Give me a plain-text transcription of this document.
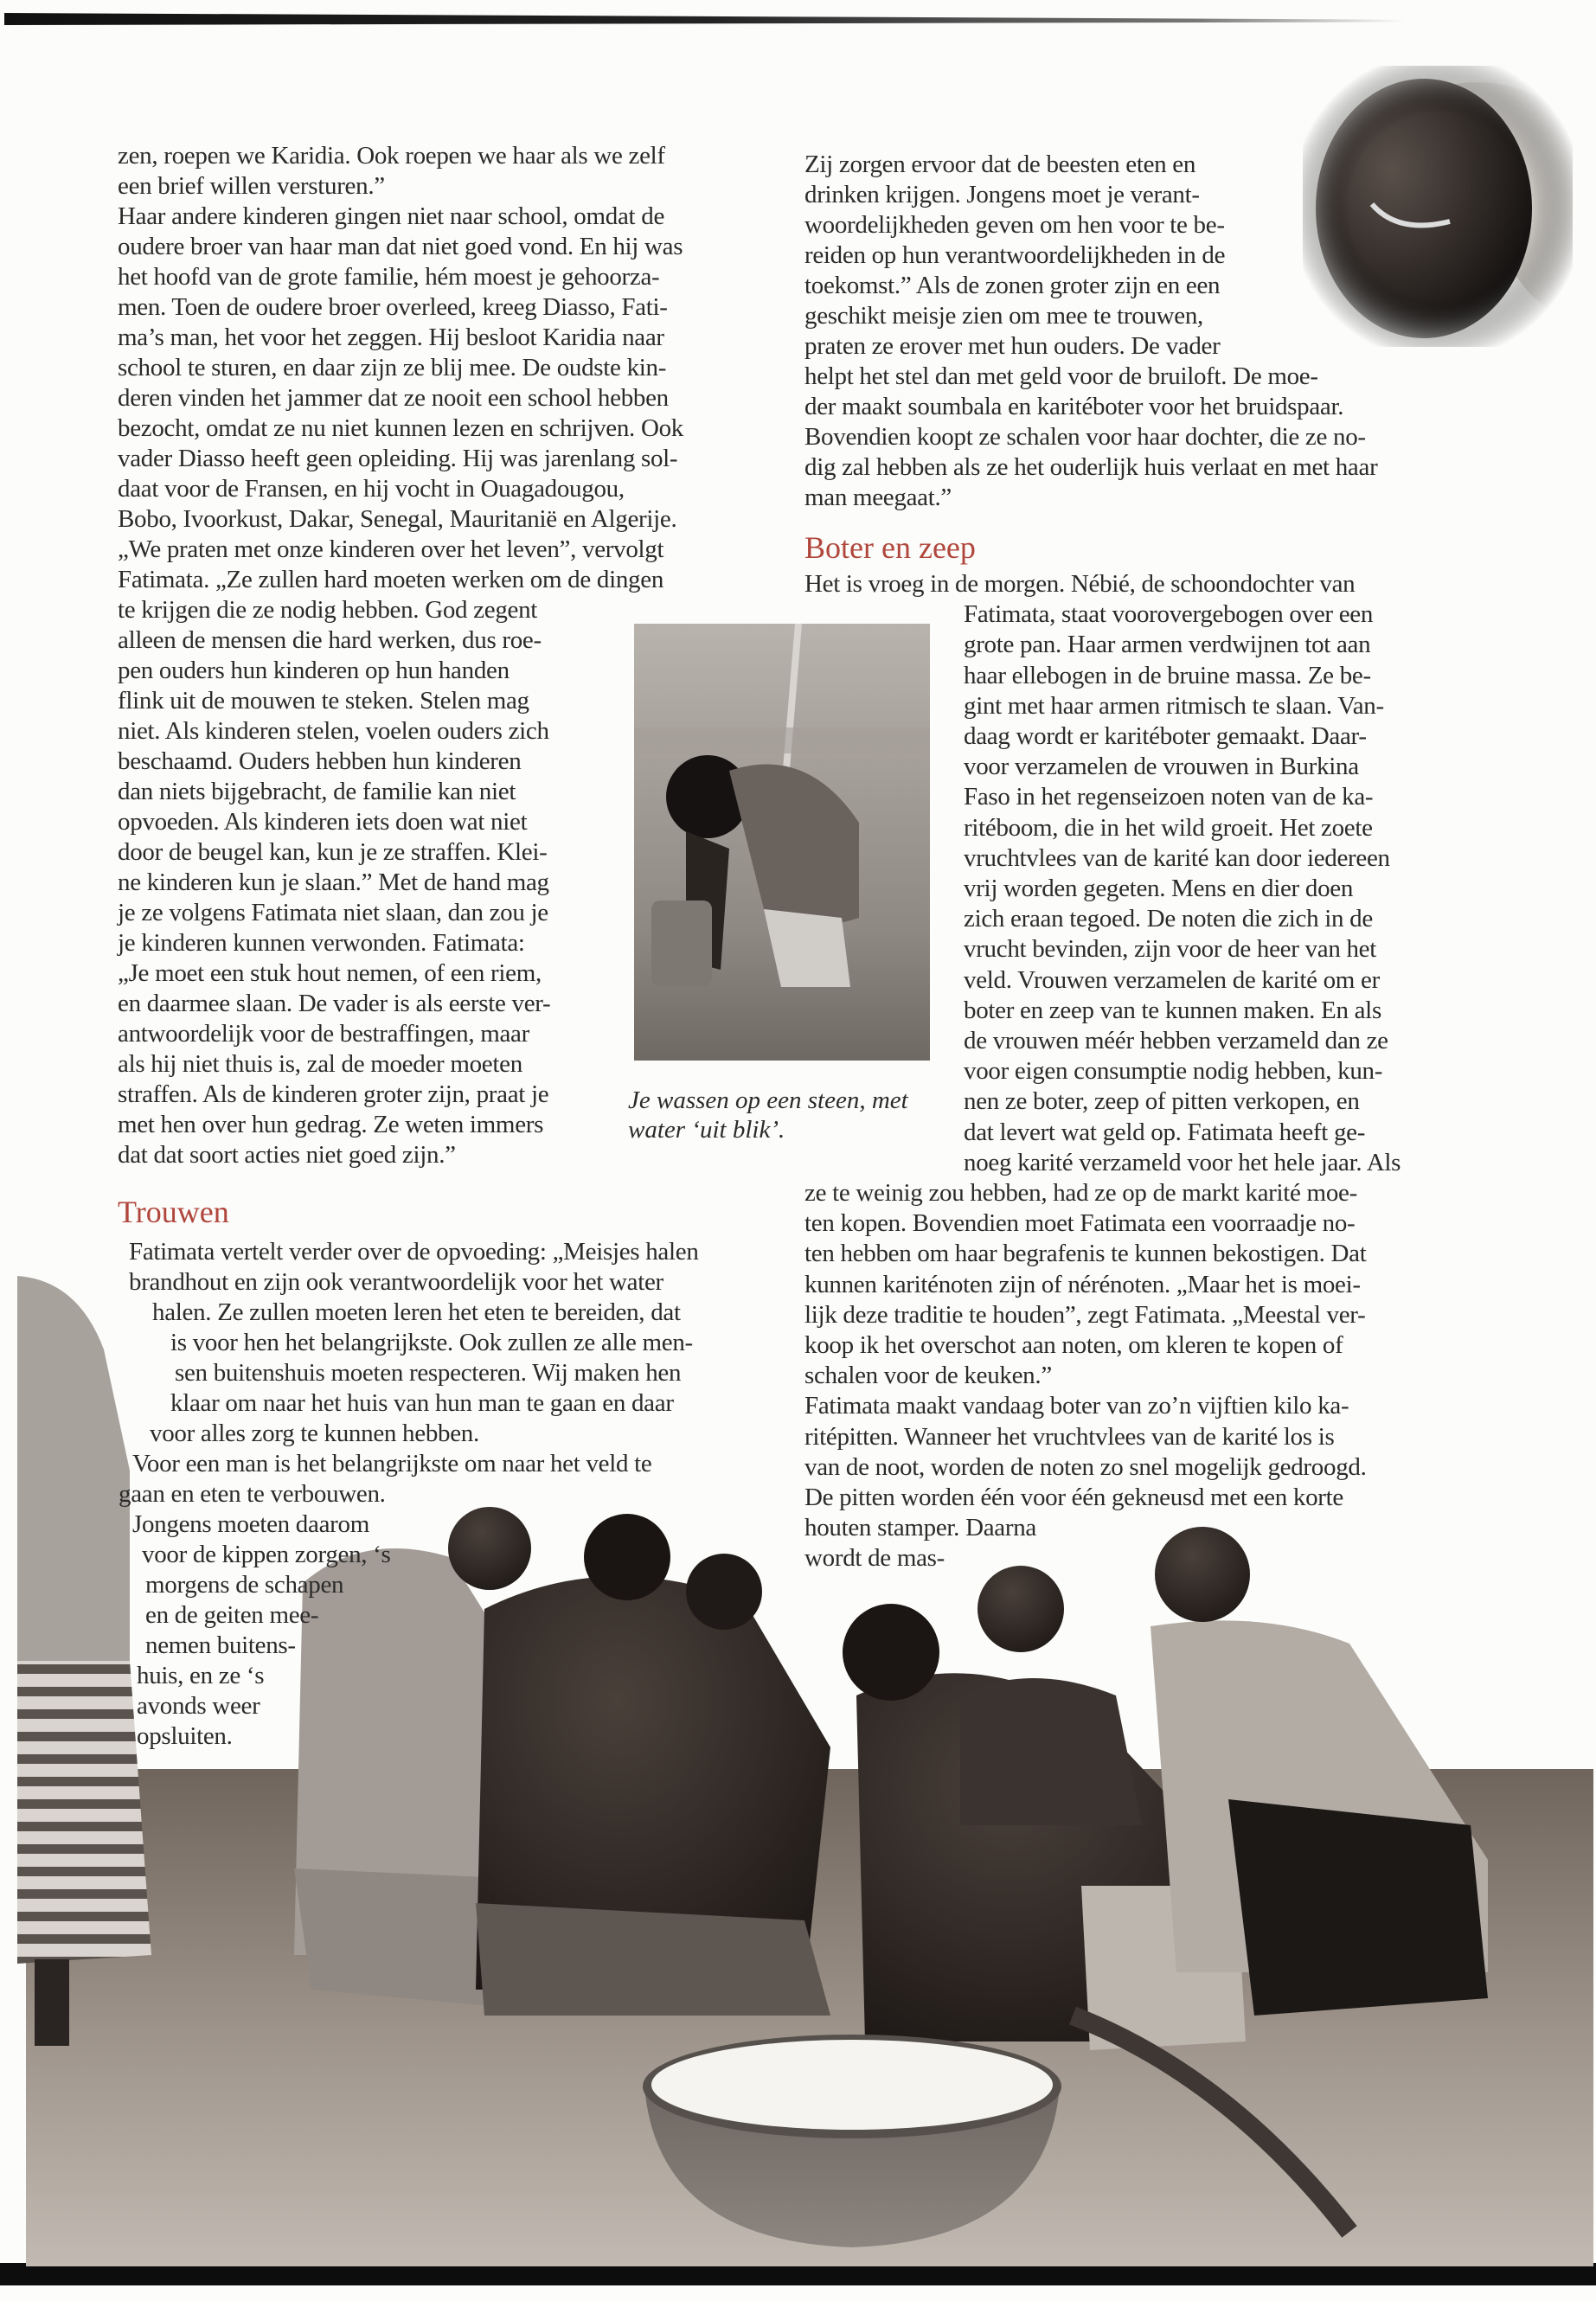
Trouwen
Boter en zeep
zen, roepen we Karidia. Ook roepen we haar als we zelf
een brief willen versturen.”
Haar andere kinderen gingen niet naar school, omdat de
oudere broer van haar man dat niet goed vond. En hij was
het hoofd van de grote familie, hém moest je gehoorza-
men. Toen de oudere broer overleed, kreeg Diasso, Fati-
ma’s man, het voor het zeggen. Hij besloot Karidia naar
school te sturen, en daar zijn ze blij mee. De oudste kin-
deren vinden het jammer dat ze nooit een school hebben
bezocht, omdat ze nu niet kunnen lezen en schrijven. Ook
vader Diasso heeft geen opleiding. Hij was jarenlang sol-
daat voor de Fransen, en hij vocht in Ouagadougou,
Bobo, Ivoorkust, Dakar, Senegal, Mauritanië en Algerije.
„We praten met onze kinderen over het leven”, vervolgt
Fatimata. „Ze zullen hard moeten werken om de dingen
te krijgen die ze nodig hebben. God zegent
alleen de mensen die hard werken, dus roe-
pen ouders hun kinderen op hun handen
flink uit de mouwen te steken. Stelen mag
niet. Als kinderen stelen, voelen ouders zich
beschaamd. Ouders hebben hun kinderen
dan niets bijgebracht, de familie kan niet
opvoeden. Als kinderen iets doen wat niet
door de beugel kan, kun je ze straffen. Klei-
ne kinderen kun je slaan.” Met de hand mag
je ze volgens Fatimata niet slaan, dan zou je
je kinderen kunnen verwonden. Fatimata:
„Je moet een stuk hout nemen, of een riem,
en daarmee slaan. De vader is als eerste ver-
antwoordelijk voor de bestraffingen, maar
als hij niet thuis is, zal de moeder moeten
straffen. Als de kinderen groter zijn, praat je
met hen over hun gedrag. Ze weten immers
dat dat soort acties niet goed zijn.”
Je wassen op een steen, met
water ‘uit blik’.
Fatimata vertelt verder over de opvoeding: „Meisjes halen
brandhout en zijn ook verantwoordelijk voor het water
halen. Ze zullen moeten leren het eten te bereiden, dat
is voor hen het belangrijkste. Ook zullen ze alle men-
sen buitenshuis moeten respecteren. Wij maken hen
klaar om naar het huis van hun man te gaan en daar
voor alles zorg te kunnen hebben.
Voor een man is het belangrijkste om naar het veld te
gaan en eten te verbouwen.
Jongens moeten daarom
voor de kippen zorgen, ‘s
morgens de schapen
en de geiten mee-
nemen buitens-
huis, en ze ‘s
avonds weer
opsluiten.
Zij zorgen ervoor dat de beesten eten en
drinken krijgen. Jongens moet je verant-
woordelijkheden geven om hen voor te be-
reiden op hun verantwoordelijkheden in de
toekomst.” Als de zonen groter zijn en een
geschikt meisje zien om mee te trouwen,
praten ze erover met hun ouders. De vader
helpt het stel dan met geld voor de bruiloft. De moe-
der maakt soumbala en karitéboter voor het bruidspaar.
Bovendien koopt ze schalen voor haar dochter, die ze no-
dig zal hebben als ze het ouderlijk huis verlaat en met haar
man meegaat.”
Het is vroeg in de morgen. Nébié, de schoondochter van
Fatimata, staat voorovergebogen over een
grote pan. Haar armen verdwijnen tot aan
haar ellebogen in de bruine massa. Ze be-
gint met haar armen ritmisch te slaan. Van-
daag wordt er karitéboter gemaakt. Daar-
voor verzamelen de vrouwen in Burkina
Faso in het regenseizoen noten van de ka-
ritéboom, die in het wild groeit. Het zoete
vruchtvlees van de karité kan door iedereen
vrij worden gegeten. Mens en dier doen
zich eraan tegoed. De noten die zich in de
vrucht bevinden, zijn voor de heer van het
veld. Vrouwen verzamelen de karité om er
boter en zeep van te kunnen maken. En als
de vrouwen méér hebben verzameld dan ze
voor eigen consumptie nodig hebben, kun-
nen ze boter, zeep of pitten verkopen, en
dat levert wat geld op. Fatimata heeft ge-
noeg karité verzameld voor het hele jaar. Als
ze te weinig zou hebben, had ze op de markt karité moe-
ten kopen. Bovendien moet Fatimata een voorraadje no-
ten hebben om haar begrafenis te kunnen bekostigen. Dat
kunnen kariténoten zijn of nérénoten. „Maar het is moei-
lijk deze traditie te houden”, zegt Fatimata. „Meestal ver-
koop ik het overschot aan noten, om kleren te kopen of
schalen voor de keuken.”
Fatimata maakt vandaag boter van zo’n vijftien kilo ka-
ritépitten. Wanneer het vruchtvlees van de karité los is
van de noot, worden de noten zo snel mogelijk gedroogd.
De pitten worden één voor één gekneusd met een korte
houten stamper. Daarna
wordt de mas-
